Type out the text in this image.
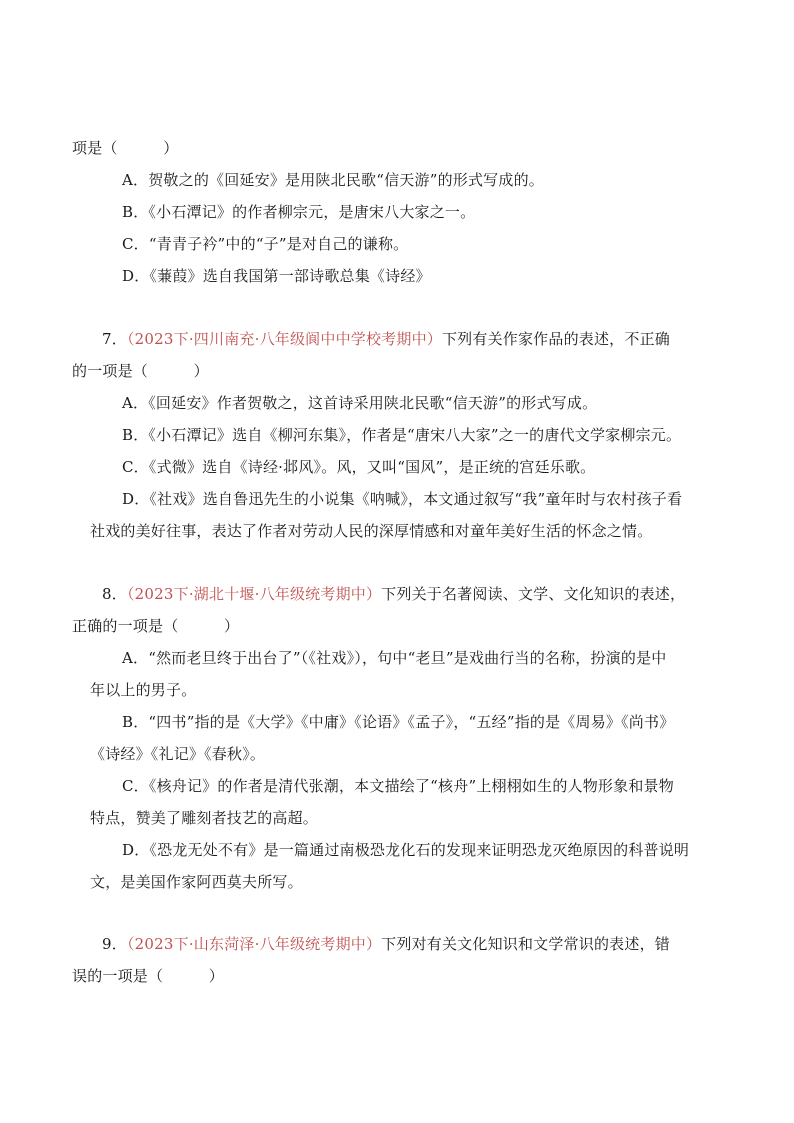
项是（　　　）
A．贺敬之的《回延安》是用陕北民歌“信天游”的形式写成的。
B．《小石潭记》的作者柳宗元，是唐宋八大家之一。
C．“青青子衿”中的“子”是对自己的谦称。
D．《蒹葭》选自我国第一部诗歌总集《诗经》
7．（2023下·四川南充·八年级阆中中学校考期中）下列有关作家作品的表述，不正确
的一项是（　　　）
A．《回延安》作者贺敬之，这首诗采用陕北民歌“信天游”的形式写成。
B．《小石潭记》选自《柳河东集》，作者是“唐宋八大家”之一的唐代文学家柳宗元。
C．《式微》选自《诗经·邶风》。风，又叫“国风”，是正统的宫廷乐歌。
D．《社戏》选自鲁迅先生的小说集《呐喊》，本文通过叙写“我”童年时与农村孩子看
社戏的美好往事，表达了作者对劳动人民的深厚情感和对童年美好生活的怀念之情。
8．（2023下·湖北十堰·八年级统考期中）下列关于名著阅读、文学、文化知识的表述，
正确的一项是（　　　）
A．“然而老旦终于出台了”（《社戏》），句中“老旦”是戏曲行当的名称，扮演的是中
年以上的男子。
B．“四书”指的是《大学》《中庸》《论语》《孟子》，“五经”指的是《周易》《尚书》
《诗经》《礼记》《春秋》。
C．《核舟记》的作者是清代张潮，本文描绘了“核舟”上栩栩如生的人物形象和景物
特点，赞美了雕刻者技艺的高超。
D．《恐龙无处不有》是一篇通过南极恐龙化石的发现来证明恐龙灭绝原因的科普说明
文，是美国作家阿西莫夫所写。
9．（2023下·山东菏泽·八年级统考期中）下列对有关文化知识和文学常识的表述，错
误的一项是（　　　）
